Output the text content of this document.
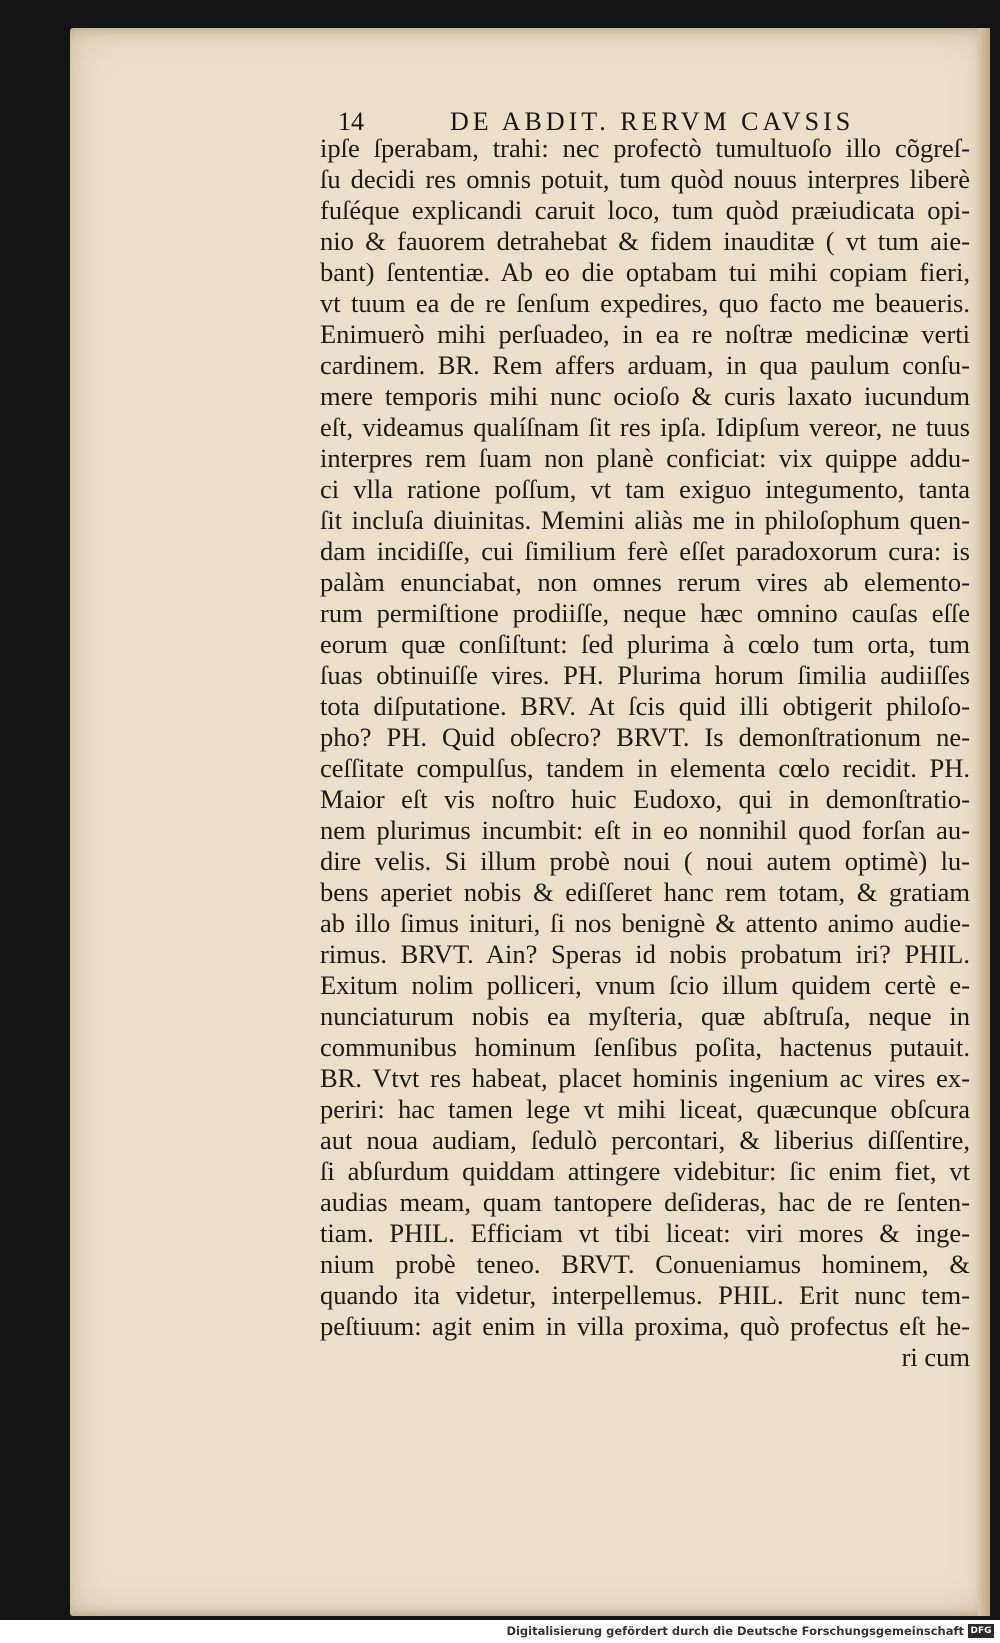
14	DE ABDIT. RERVM CAVSIS
ipſe ſperabam, trahi: nec profectò tumultuoſo illo cõgreſ-
ſu decidi res omnis potuit, tum quòd nouus interpres liberè
fuſéque explicandi caruit loco, tum quòd præiudicata opi-
nio & fauorem detrahebat & fidem inauditæ ( vt tum aie-
bant) ſententiæ. Ab eo die optabam tui mihi copiam fieri,
vt tuum ea de re ſenſum expedires, quo facto me beaueris.
Enimuerò mihi perſuadeo, in ea re noſtræ medicinæ verti
cardinem. BR. Rem affers arduam, in qua paulum conſu-
mere temporis mihi nunc ocioſo & curis laxato iucundum
eſt, videamus qualíſnam ſit res ipſa. Idipſum vereor, ne tuus
interpres rem ſuam non planè conficiat: vix quippe addu-
ci vlla ratione poſſum, vt tam exiguo integumento, tanta
ſit incluſa diuinitas. Memini aliàs me in philoſophum quen-
dam incidiſſe, cui ſimilium ferè eſſet paradoxorum cura: is
palàm enunciabat, non omnes rerum vires ab elemento-
rum permiſtione prodiiſſe, neque hæc omnino cauſas eſſe
eorum quæ conſiſtunt: ſed plurima à cœlo tum orta, tum
ſuas obtinuiſſe vires. PH. Plurima horum ſimilia audiiſſes
tota diſputatione. BRV. At ſcis quid illi obtigerit philoſo-
pho? PH. Quid obſecro? BRVT. Is demonſtrationum ne-
ceſſitate compulſus, tandem in elementa cœlo recidit. PH.
Maior eſt vis noſtro huic Eudoxo, qui in demonſtratio-
nem plurimus incumbit: eſt in eo nonnihil quod forſan au-
dire velis. Si illum probè noui ( noui autem optimè) lu-
bens aperiet nobis & ediſſeret hanc rem totam, & gratiam
ab illo ſimus inituri, ſi nos benignè & attento animo audie-
rimus. BRVT. Ain? Speras id nobis probatum iri? PHIL.
Exitum nolim polliceri, vnum ſcio illum quidem certè e-
nunciaturum nobis ea myſteria, quæ abſtruſa, neque in
communibus hominum ſenſibus poſita, hactenus putauit.
BR. Vtvt res habeat, placet hominis ingenium ac vires ex-
periri: hac tamen lege vt mihi liceat, quæcunque obſcura
aut noua audiam, ſedulò percontari, & liberius diſſentire,
ſi abſurdum quiddam attingere videbitur: ſic enim fiet, vt
audias meam, quam tantopere deſideras, hac de re ſenten-
tiam. PHIL. Efficiam vt tibi liceat: viri mores & inge-
nium probè teneo. BRVT. Conueniamus hominem, &
quando ita videtur, interpellemus. PHIL. Erit nunc tem-
peſtiuum: agit enim in villa proxima, quò profectus eſt he-
ri cum
Digitalisierung gefördert durch die Deutsche Forschungsgemeinschaft DFG
